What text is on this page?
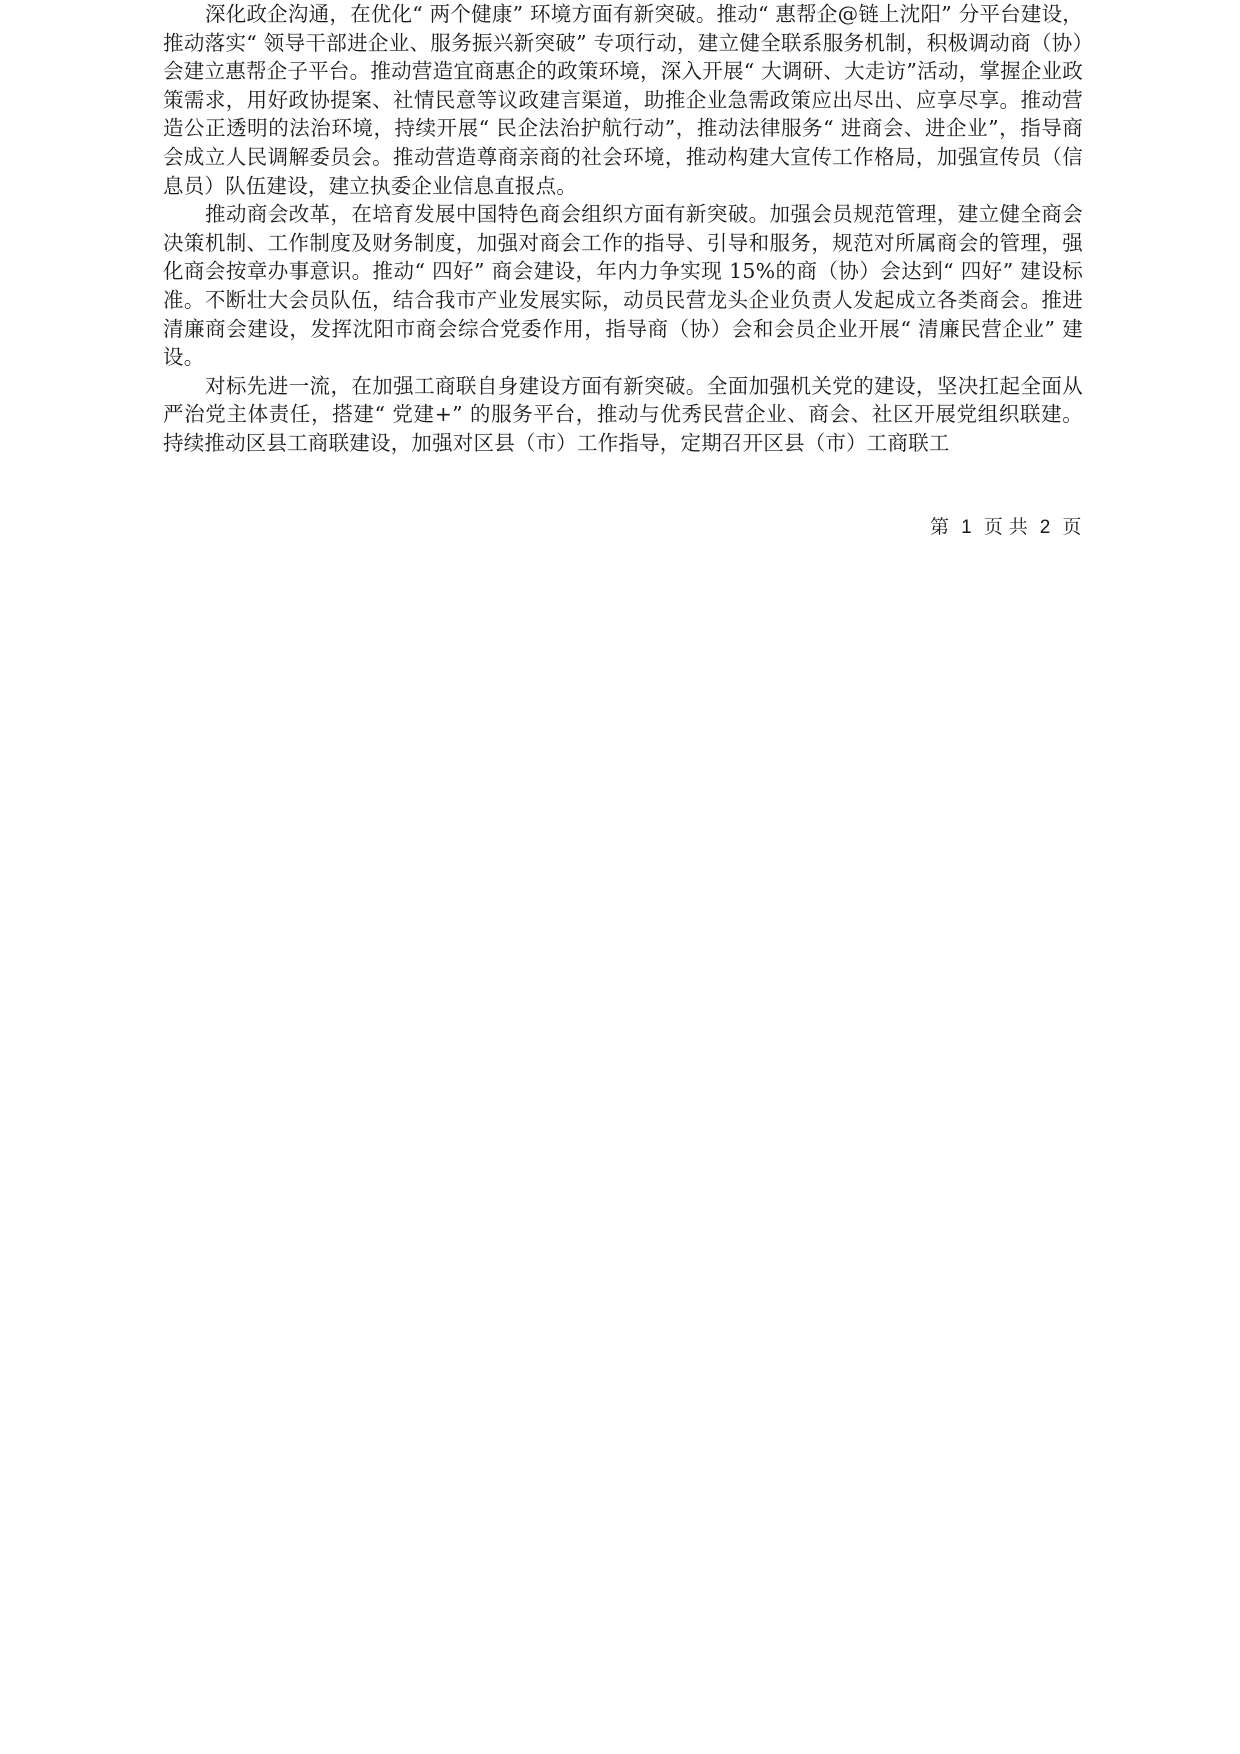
深化政企沟通，在优化“ 两个健康” 环境方面有新突破。推动“ 惠帮企@链上沈阳” 分平台建设，推动落实“ 领导干部进企业、服务振兴新突破” 专项行动，建立健全联系服务机制，积极调动商（协）会建立惠帮企子平台。推动营造宜商惠企的政策环境，深入开展“ 大调研、大走访”活动，掌握企业政策需求，用好政协提案、社情民意等议政建言渠道，助推企业急需政策应出尽出、应享尽享。推动营造公正透明的法治环境，持续开展“ 民企法治护航行动”，推动法律服务“ 进商会、进企业”，指导商会成立人民调解委员会。推动营造尊商亲商的社会环境，推动构建大宣传工作格局，加强宣传员（信息员）队伍建设，建立执委企业信息直报点。

推动商会改革，在培育发展中国特色商会组织方面有新突破。加强会员规范管理，建立健全商会决策机制、工作制度及财务制度，加强对商会工作的指导、引导和服务，规范对所属商会的管理，强化商会按章办事意识。推动“ 四好” 商会建设，年内力争实现 15%的商（协）会达到“ 四好” 建设标准。不断壮大会员队伍，结合我市产业发展实际，动员民营龙头企业负责人发起成立各类商会。推进清廉商会建设，发挥沈阳市商会综合党委作用，指导商（协）会和会员企业开展“ 清廉民营企业” 建设。

对标先进一流，在加强工商联自身建设方面有新突破。全面加强机关党的建设，坚决扛起全面从严治党主体责任，搭建“ 党建+” 的服务平台，推动与优秀民营企业、商会、社区开展党组织联建。持续推动区县工商联建设，加强对区县（市）工作指导，定期召开区县（市）工商联工

第 1 页 共 2 页
